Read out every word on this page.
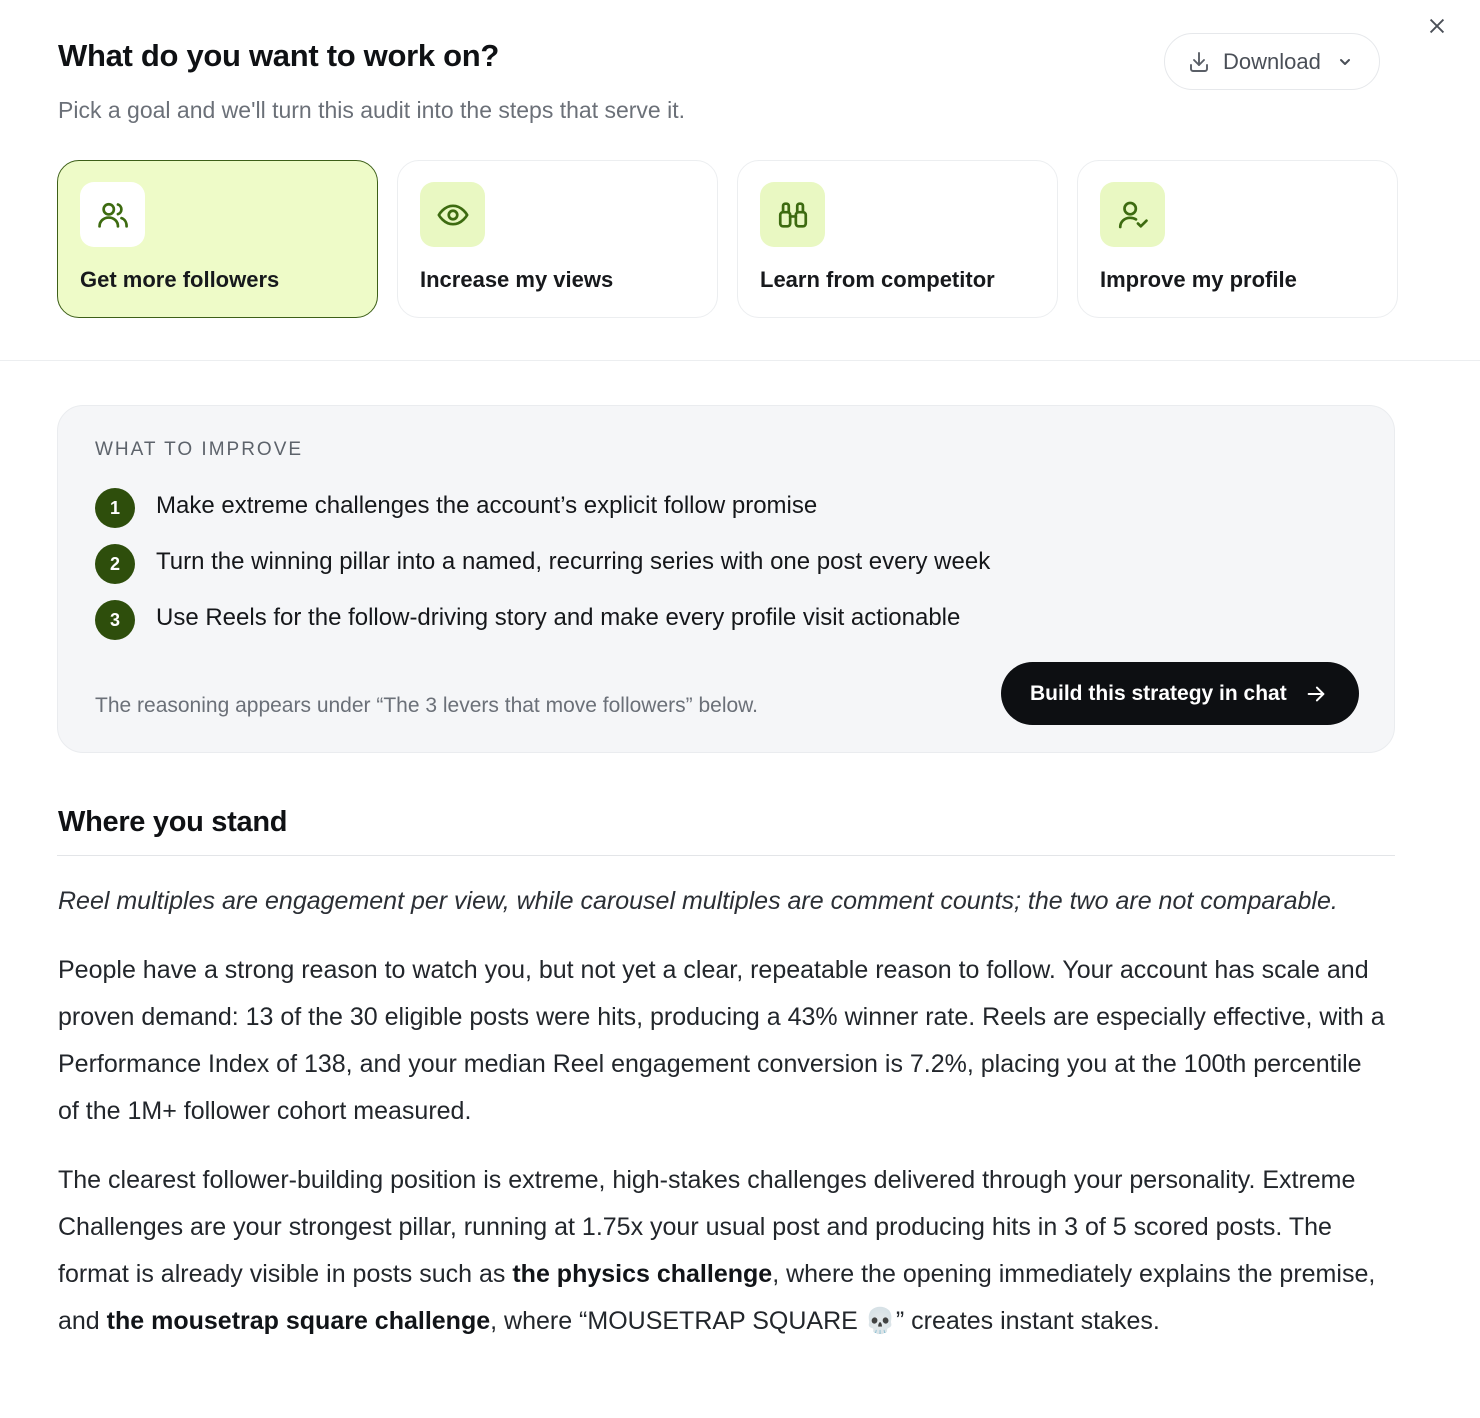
What do you want to work on?
Pick a goal and we'll turn this audit into the steps that serve it.
Download
Get more followers	Increase my views	Learn from competitor	Improve my profile
WHAT TO IMPROVE
1	Make extreme challenges the account’s explicit follow promise
2	Turn the winning pillar into a named, recurring series with one post every week
3	Use Reels for the follow-driving story and make every profile visit actionable
The reasoning appears under “The 3 levers that move followers” below.
Build this strategy in chat
Where you stand

Reel multiples are engagement per view, while carousel multiples are comment counts; the two are not comparable.

People have a strong reason to watch you, but not yet a clear, repeatable reason to follow. Your account has scale and proven demand: 13 of the 30 eligible posts were hits, producing a 43% winner rate. Reels are especially effective, with a Performance Index of 138, and your median Reel engagement conversion is 7.2%, placing you at the 100th percentile of the 1M+ follower cohort measured.

The clearest follower-building position is extreme, high-stakes challenges delivered through your personality. Extreme Challenges are your strongest pillar, running at 1.75x your usual post and producing hits in 3 of 5 scored posts. The format is already visible in posts such as the physics challenge, where the opening immediately explains the premise, and the mousetrap square challenge, where “MOUSETRAP SQUARE 💀” creates instant stakes.
